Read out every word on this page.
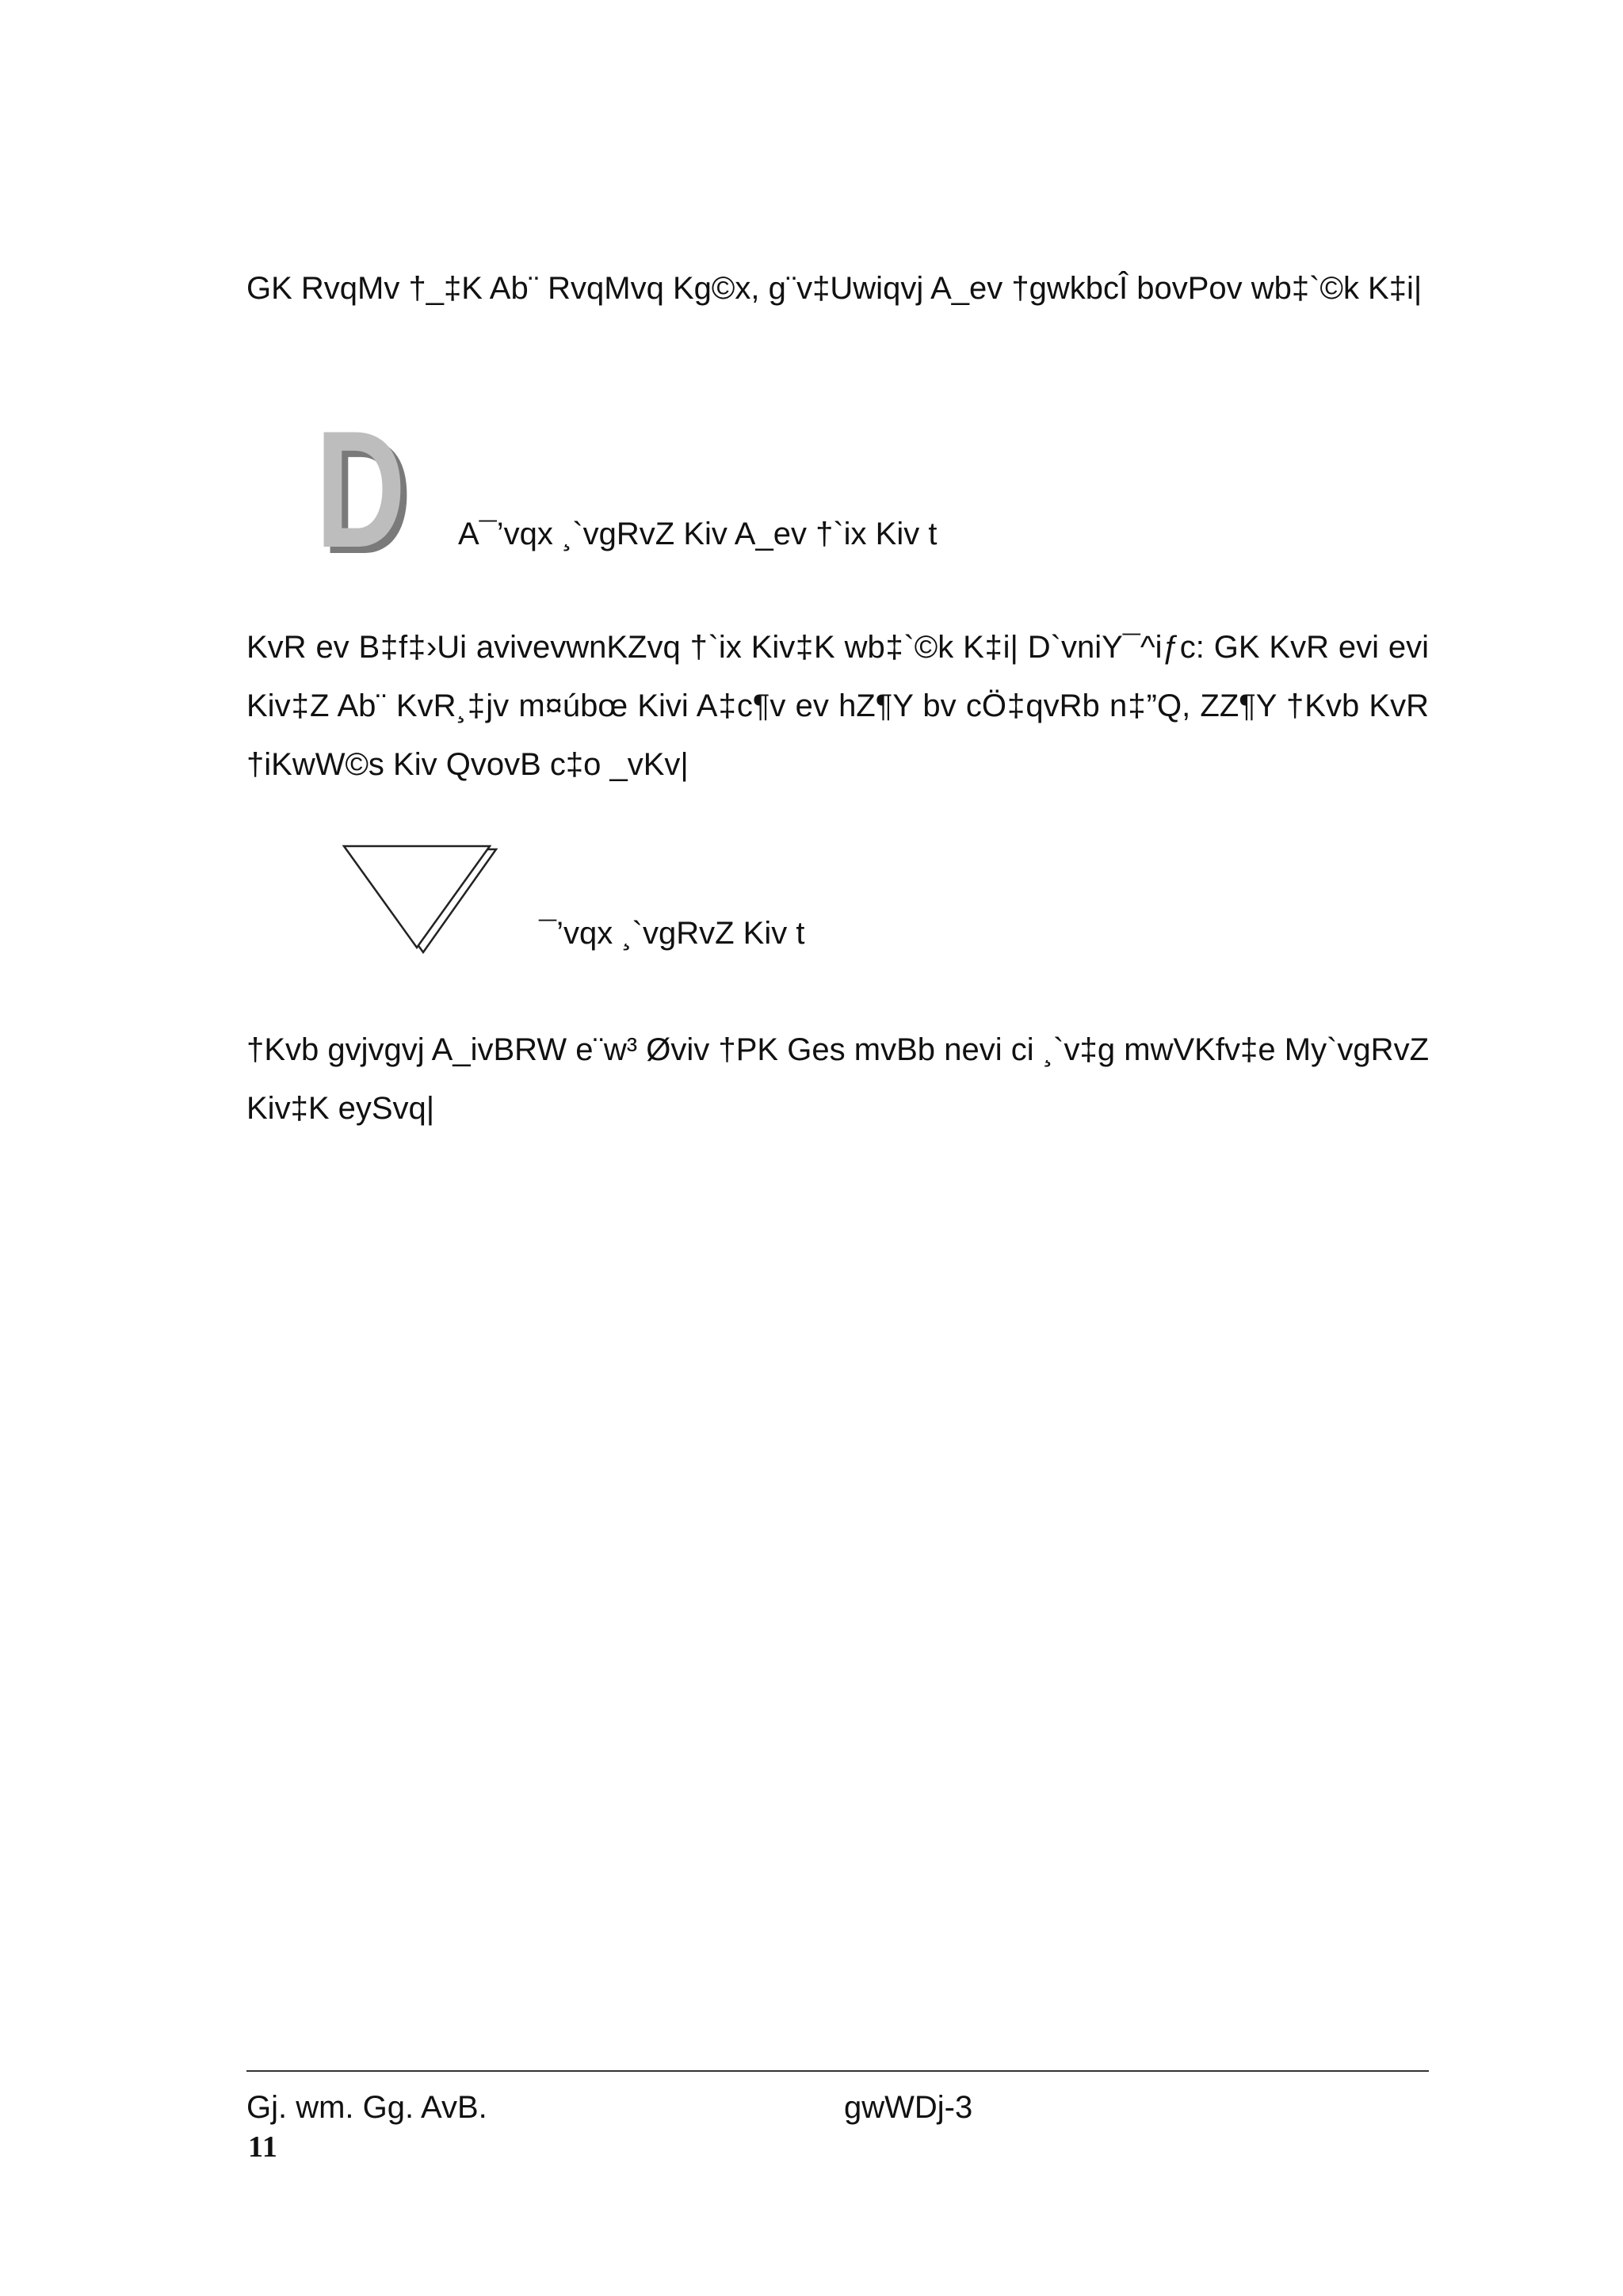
GK RvqMv †_‡K Ab¨ RvqMvq Kg©x, g¨v‡Uwiqvj A_ev †gwkbcÎ bovPov wb‡`©k K‡i|

D
D A¯’vqx ¸`vgRvZ Kiv A_ev †`ix Kiv t

KvR ev B‡f‡›Ui avivevwnKZvq †`ix Kiv‡K wb‡`©k K‡i| D`vniY¯^iƒc: GK KvR evi evi Kiv‡Z Ab¨ KvR¸‡jv m¤úbœ Kivi A‡c¶v ev hZ¶Y bv cÖ‡qvRb n‡”Q, ZZ¶Y †Kvb KvR †iKwW©s Kiv QvovB c‡o _vKv|

¯’vqx ¸`vgRvZ Kiv t

†Kvb gvjvgvj A_ivBRW e¨w³ Øviv †PK Ges mvBb nevi ci ¸`v‡g mwVKfv‡e My`vgRvZ Kiv‡K eySvq|

Gj. wm. Gg. AvB.	gwWDj-3
11
